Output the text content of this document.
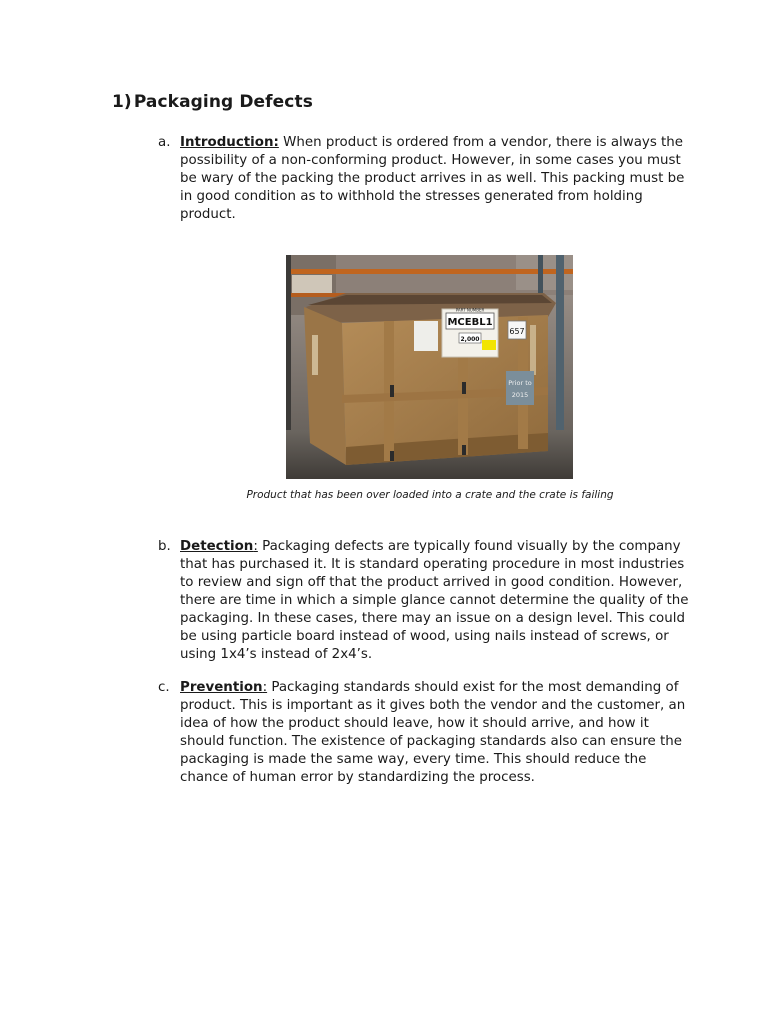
1) Packaging Defects
a. Introduction: When product is ordered from a vendor, there is always the possibility of a non-conforming product. However, in some cases you must be wary of the packing the product arrives in as well. This packing must be in good condition as to withhold the stresses generated from holding product.
PART NUMBER
MCEBL1
2,000
657
Prior to
2015
Product that has been over loaded into a crate and the crate is failing
b. Detection: Packaging defects are typically found visually by the company that has purchased it. It is standard operating procedure in most industries to review and sign off that the product arrived in good condition. However, there are time in which a simple glance cannot determine the quality of the packaging. In these cases, there may an issue on a design level. This could be using particle board instead of wood, using nails instead of screws, or using 1x4’s instead of 2x4’s.
c. Prevention: Packaging standards should exist for the most demanding of product. This is important as it gives both the vendor and the customer, an idea of how the product should leave, how it should arrive, and how it should function. The existence of packaging standards also can ensure the packaging is made the same way, every time. This should reduce the chance of human error by standardizing the process.
